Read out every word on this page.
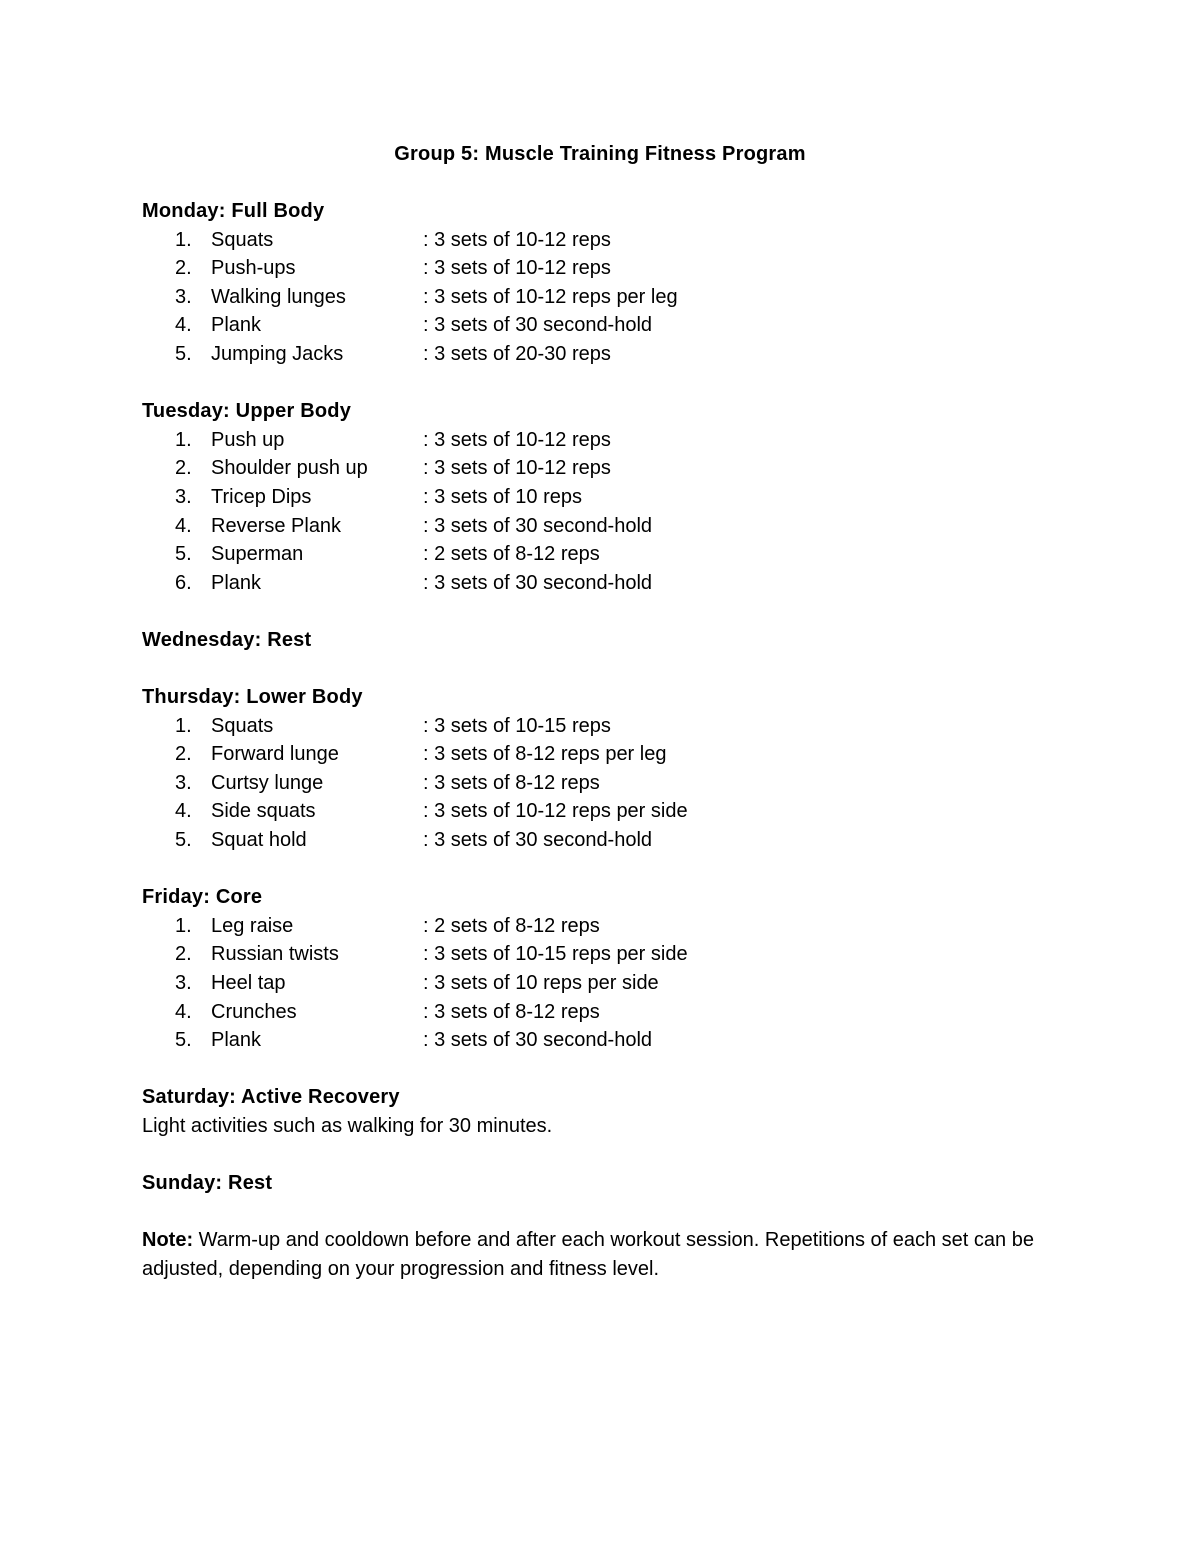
Group 5: Muscle Training Fitness Program
Monday: Full Body
1. Squats	: 3 sets of 10-12 reps
2. Push-ups	: 3 sets of 10-12 reps
3. Walking lunges	: 3 sets of 10-12 reps per leg
4. Plank	: 3 sets of 30 second-hold
5. Jumping Jacks	: 3 sets of 20-30 reps
Tuesday: Upper Body
1. Push up	: 3 sets of 10-12 reps
2. Shoulder push up	: 3 sets of 10-12 reps
3. Tricep Dips	: 3 sets of 10 reps
4. Reverse Plank	: 3 sets of 30 second-hold
5. Superman	: 2 sets of 8-12 reps
6. Plank	: 3 sets of 30 second-hold
Wednesday: Rest
Thursday: Lower Body
1. Squats	: 3 sets of 10-15 reps
2. Forward lunge	: 3 sets of 8-12 reps per leg
3. Curtsy lunge	: 3 sets of 8-12 reps
4. Side squats	: 3 sets of 10-12 reps per side
5. Squat hold	: 3 sets of 30 second-hold
Friday: Core
1. Leg raise	: 2 sets of 8-12 reps
2. Russian twists	: 3 sets of 10-15 reps per side
3. Heel tap	: 3 sets of 10 reps per side
4. Crunches	: 3 sets of 8-12 reps
5. Plank	: 3 sets of 30 second-hold
Saturday: Active Recovery

Light activities such as walking for 30 minutes.

Sunday: Rest

Note: Warm-up and cooldown before and after each workout session. Repetitions of each set can be adjusted, depending on your progression and fitness level.
